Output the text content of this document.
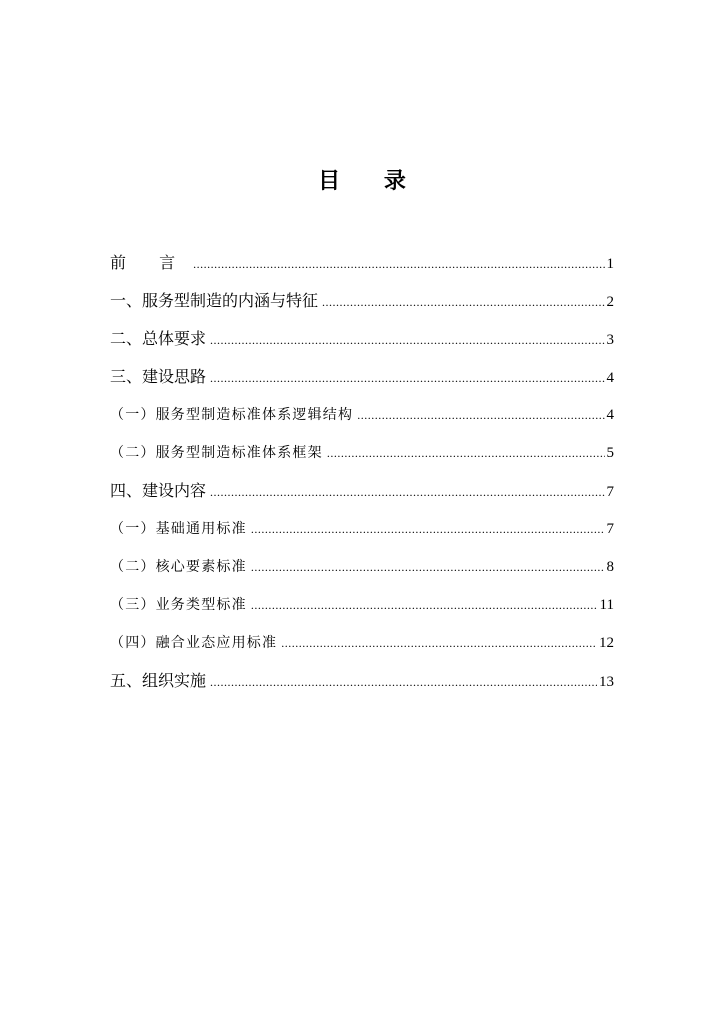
目 录
前 言 .....	1
一、服务型制造的内涵与特征 .....	2
二、总体要求 .....	3
三、建设思路 .....	4
（一）服务型制造标准体系逻辑结构 .....	4
（二）服务型制造标准体系框架 .....	5
四、建设内容 .....	7
（一）基础通用标准 .....	7
（二）核心要素标准 .....	8
（三）业务类型标准 .....	11
（四）融合业态应用标准 .....	12
五、组织实施 .....	13
